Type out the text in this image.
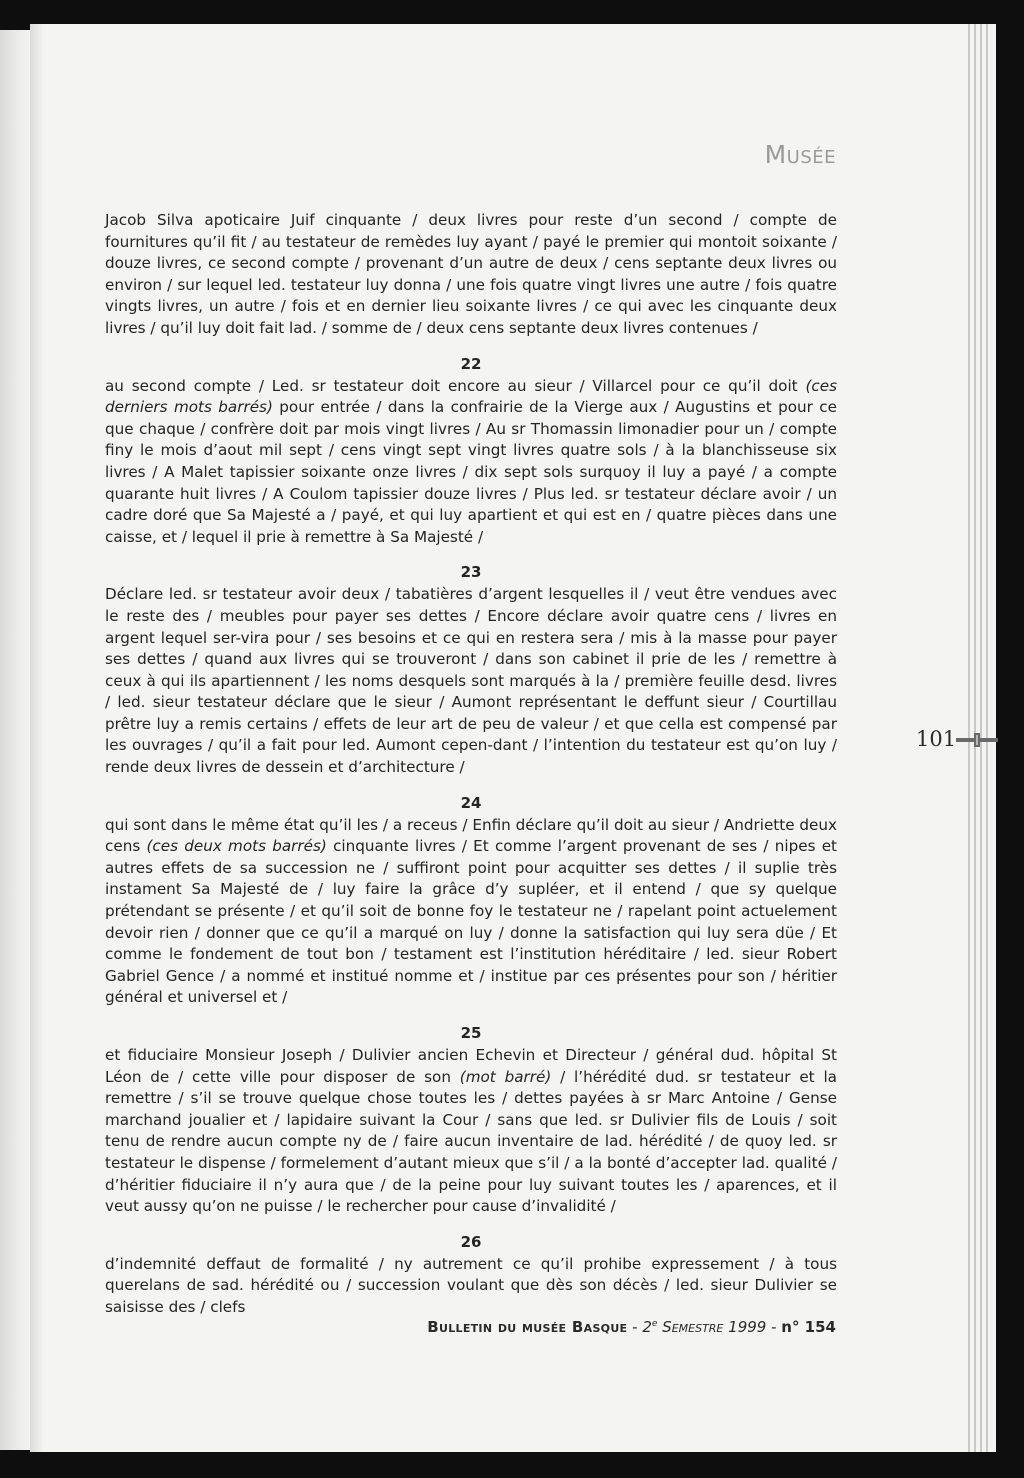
Musée

Jacob Silva apoticaire Juif cinquante / deux livres pour reste d’un second / compte de fournitures qu’il fit / au testateur de remèdes luy ayant / payé le premier qui montoit soixante / douze livres, ce second compte / provenant d’un autre de deux / cens septante deux livres ou environ / sur lequel led. testateur luy donna / une fois quatre vingt livres une autre / fois quatre vingts livres, un autre / fois et en dernier lieu soixante livres / ce qui avec les cinquante deux livres / qu’il luy doit fait lad. / somme de / deux cens septante deux livres contenues /

22

au second compte / Led. sr testateur doit encore au sieur / Villarcel pour ce qu’il doit (ces derniers mots barrés) pour entrée / dans la confrairie de la Vierge aux / Augustins et pour ce que chaque / confrère doit par mois vingt livres / Au sr Thomassin limonadier pour un / compte finy le mois d’aout mil sept / cens vingt sept vingt livres quatre sols / à la blanchisseuse six livres / A Malet tapissier soixante onze livres / dix sept sols surquoy il luy a payé / a compte quarante huit livres / A Coulom tapissier douze livres / Plus led. sr testateur déclare avoir / un cadre doré que Sa Majesté a / payé, et qui luy apartient et qui est en / quatre pièces dans une caisse, et / lequel il prie à remettre à Sa Majesté /

23

Déclare led. sr testateur avoir deux / tabatières d’argent lesquelles il / veut être vendues avec le reste des / meubles pour payer ses dettes / Encore déclare avoir quatre cens / livres en argent lequel ser-vira pour / ses besoins et ce qui en restera sera / mis à la masse pour payer ses dettes / quand aux livres qui se trouveront / dans son cabinet il prie de les / remettre à ceux à qui ils apartiennent / les noms desquels sont marqués à la / première feuille desd. livres / led. sieur testateur déclare que le sieur / Aumont représentant le deffunt sieur / Courtillau prêtre luy a remis certains / effets de leur art de peu de valeur / et que cella est compensé par les ouvrages / qu’il a fait pour led. Aumont cepen-dant / l’intention du testateur est qu’on luy / rende deux livres de dessein et d’architecture /

24

qui sont dans le même état qu’il les / a receus / Enfin déclare qu’il doit au sieur / Andriette deux cens (ces deux mots barrés) cinquante livres / Et comme l’argent provenant de ses / nipes et autres effets de sa succession ne / suffiront point pour acquitter ses dettes / il suplie très instament Sa Majesté de / luy faire la grâce d’y supléer, et il entend / que sy quelque prétendant se présente / et qu’il soit de bonne foy le testateur ne / rapelant point actuelement devoir rien / donner que ce qu’il a marqué on luy / donne la satisfaction qui luy sera düe / Et comme le fondement de tout bon / testament est l’institution héréditaire / led. sieur Robert Gabriel Gence / a nommé et institué nomme et / institue par ces présentes pour son / héritier général et universel et /

25

et fiduciaire Monsieur Joseph / Dulivier ancien Echevin et Directeur / général dud. hôpital St Léon de / cette ville pour disposer de son (mot barré) / l’hérédité dud. sr testateur et la remettre / s’il se trouve quelque chose toutes les / dettes payées à sr Marc Antoine / Gense marchand joualier et / lapidaire suivant la Cour / sans que led. sr Dulivier fils de Louis / soit tenu de rendre aucun compte ny de / faire aucun inventaire de lad. hérédité / de quoy led. sr testateur le dispense / formelement d’autant mieux que s’il / a la bonté d’accepter lad. qualité / d’héritier fiduciaire il n’y aura que / de la peine pour luy suivant toutes les / aparences, et il veut aussy qu’on ne puisse / le rechercher pour cause d’invalidité /

26

d’indemnité deffaut de formalité / ny autrement ce qu’il prohibe expressement / à tous querelans de sad. hérédité ou / succession voulant que dès son décès / led. sieur Dulivier se saisisse des / clefs

101
Bulletin du musée Basque - 2e Semestre 1999 - n° 154
